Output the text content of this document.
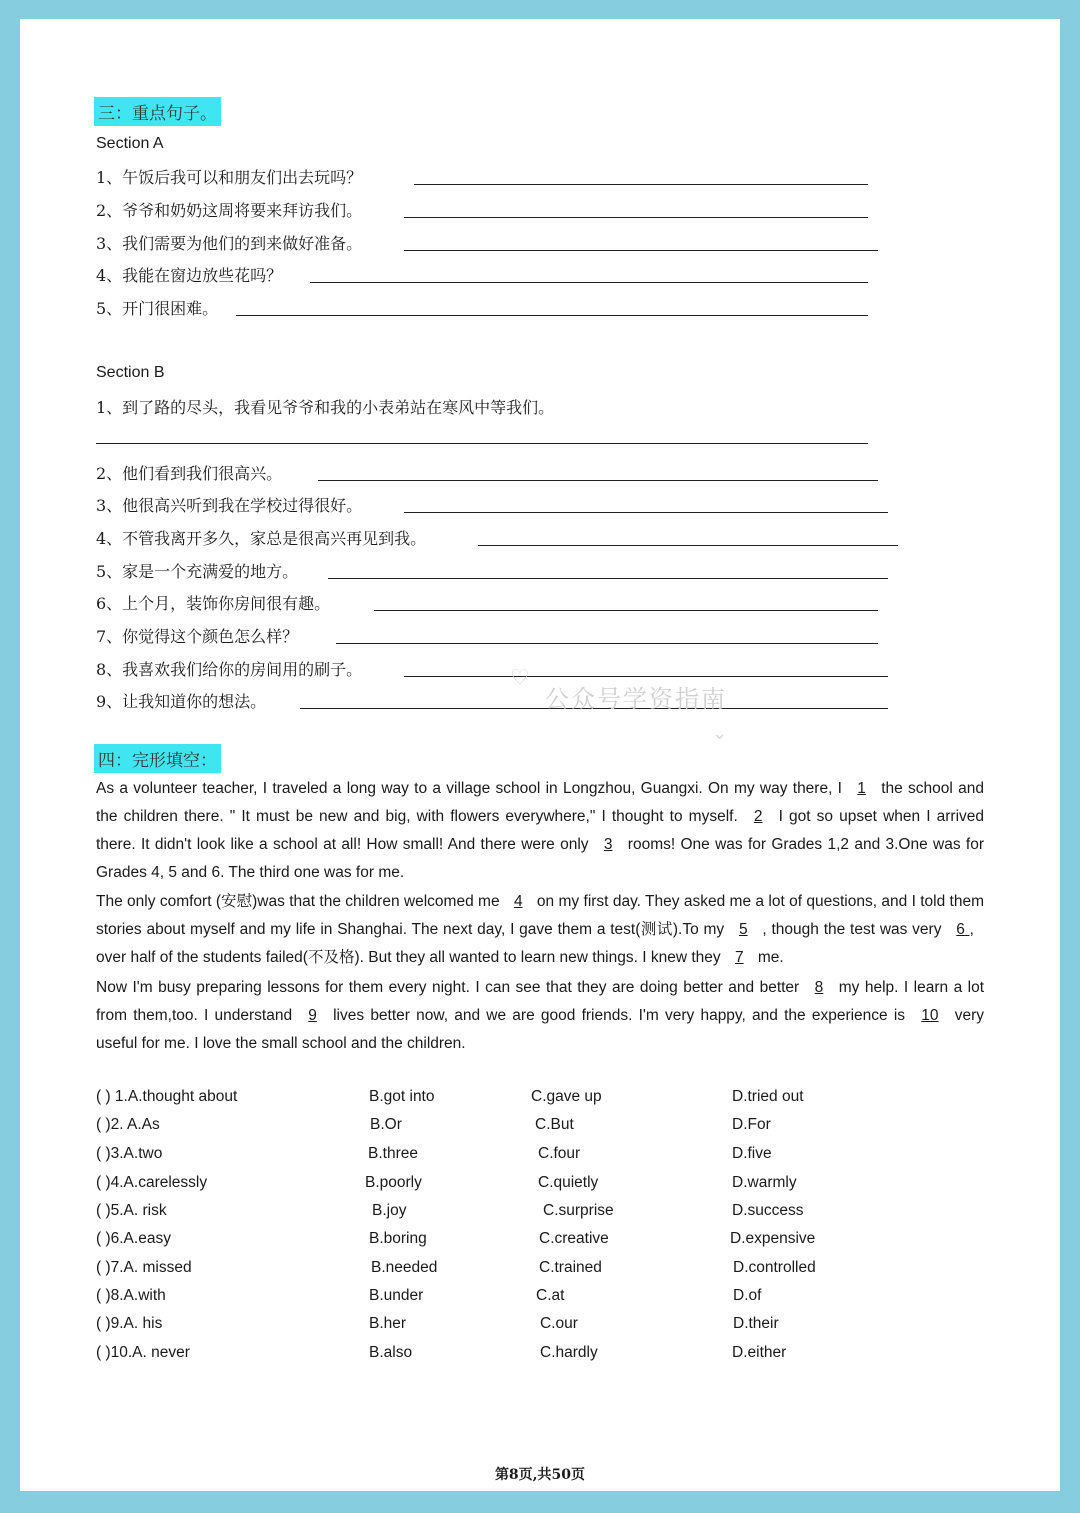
三：重点句子。
Section A
1、午饭后我可以和朋友们出去玩吗？
2、爷爷和奶奶这周将要来拜访我们。
3、我们需要为他们的到来做好准备。
4、我能在窗边放些花吗？
5、开门很困难。
Section B
1、到了路的尽头，我看见爷爷和我的小表弟站在寒风中等我们。
2、他们看到我们很高兴。
3、他很高兴听到我在学校过得很好。
4、不管我离开多久，家总是很高兴再见到我。
5、家是一个充满爱的地方。
6、上个月，装饰你房间很有趣。
7、你觉得这个颜色怎么样？
8、我喜欢我们给你的房间用的刷子。
9、让我知道你的想法。
♡
公众号学资指南
⌄
四：完形填空：

As a volunteer teacher, I traveled a long way to a village school in Longzhou, Guangxi. On my way there, I 1 the school and the children there. " It must be new and big, with flowers everywhere," I thought to myself. 2 I got so upset when I arrived there. It didn't look like a school at all! How small! And there were only 3 rooms! One was for Grades 1,2 and 3.One was for Grades 4, 5 and 6. The third one was for me.

The only comfort (安慰)was that the children welcomed me 4 on my first day. They asked me a lot of questions, and I told them stories about myself and my life in Shanghai. The next day, I gave them a test(测试).To my 5 , though the test was very 6 , over half of the students failed(不及格). But they all wanted to learn new things. I knew they 7 me.

Now I'm busy preparing lessons for them every night. I can see that they are doing better and better 8 my help. I learn a lot from them,too. I understand 9 lives better now, and we are good friends. I'm very happy, and the experience is 10 very useful for me. I love the small school and the children.

( ) 1.A.thought about	B.got into	C.gave up	D.tried out
( )2. A.As	B.Or	C.But	D.For
( )3.A.two	B.three	C.four	D.five
( )4.A.carelessly	B.poorly	C.quietly	D.warmly
( )5.A. risk	B.joy	C.surprise	D.success
( )6.A.easy	B.boring	C.creative	D.expensive
( )7.A. missed	B.needed	C.trained	D.controlled
( )8.A.with	B.under	C.at	D.of
( )9.A. his	B.her	C.our	D.their
( )10.A. never	B.also	C.hardly	D.either
第8页,共50页
